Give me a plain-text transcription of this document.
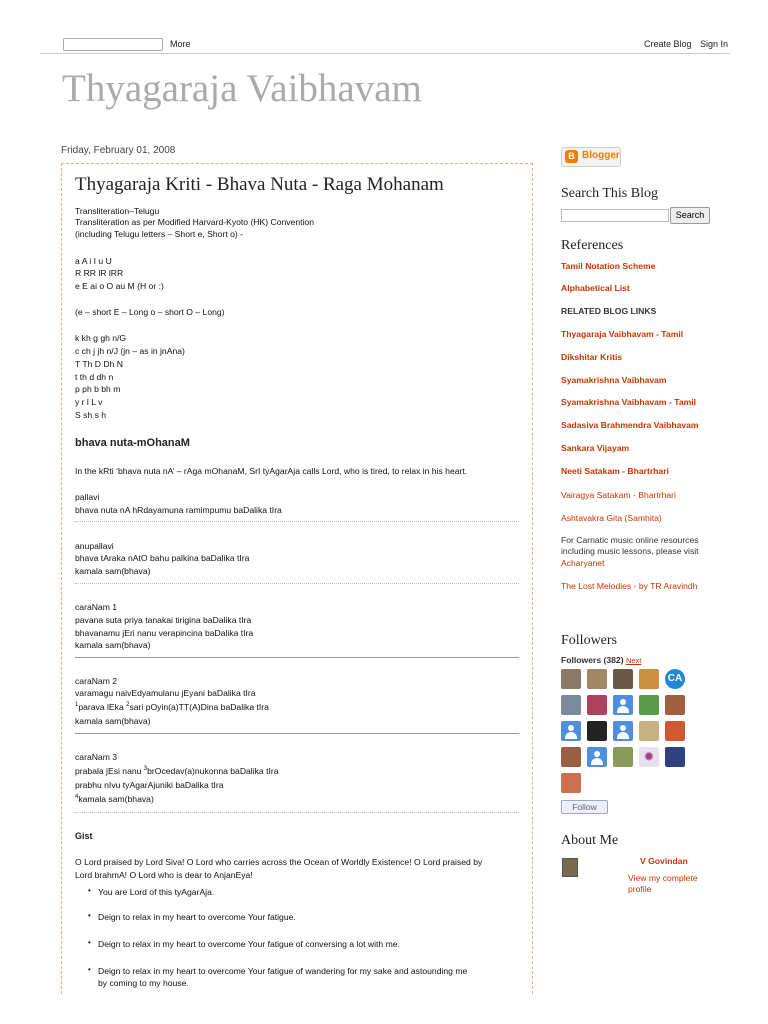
More	Create Blog Sign In
Thyagaraja Vaibhavam
Friday, February 01, 2008
Thyagaraja Kriti - Bhava Nuta - Raga Mohanam
Transliteration–Telugu
Transliteration as per Modified Harvard-Kyoto (HK) Convention
(including Telugu letters – Short e, Short o) -
a A i I u U
R RR lR lRR
e E ai o O au M (H or :)
(e – short E – Long o – short O – Long)
k kh g gh n/G
c ch j jh n/J (jn – as in jnAna)
T Th D Dh N
t th d dh n
p ph b bh m
y r l L v
S sh s h
bhava nuta-mOhanaM
In the kRti ‘bhava nuta nA’ – rAga mOhanaM, SrI tyAgarAja calls Lord, who is tired, to relax in his heart.
pallavi
bhava nuta nA hRdayamuna ramimpumu baDalika tIra
anupallavi
bhava tAraka nAtO bahu palkina baDalika tIra
kamala sam(bhava)
caraNam 1
pavana suta priya tanakai tirigina baDalika tIra
bhavanamu jEri nanu verapincina baDalika tIra
kamala sam(bhava)
caraNam 2
varamagu naivEdyamulanu jEyani baDalika tIra
$^1$parava lEka $^2$sari pOyin(a)TT(A)Dina baDalika tIra
kamala sam(bhava)
caraNam 3
prabala jEsi nanu $^3$brOcedav(a)nukonna baDalika tIra
prabhu nIvu tyAgarAjuniki baDalika tIra
$^4$kamala sam(bhava)
Gist
O Lord praised by Lord Siva! O Lord who carries across the Ocean of Worldly Existence! O Lord praised by
Lord brahmA! O Lord who is dear to AnjanEya!
• You are Lord of this tyAgarAja.
• Deign to relax in my heart to overcome Your fatigue.
• Deign to relax in my heart to overcome Your fatigue of conversing a lot with me.
• Deign to relax in my heart to overcome Your fatigue of wandering for my sake and astounding me
by coming to my house.
B Blogger
Search This Blog
Search
References
Tamil Notation Scheme
Alphabetical List
RELATED BLOG LINKS
Thyagaraja Vaibhavam - Tamil
Dikshitar Kritis
Syamakrishna Vaibhavam
Syamakrishna Vaibhavam - Tamil
Sadasiva Brahmendra Vaibhavam
Sankara Vijayam
Neeti Satakam - Bhartrhari
Vairagya Satakam - Bhartrhari
Ashtavakra Gita (Samhita)
For Carnatic music online resources
including music lessons, please visit
Acharyanet
The Lost Melodies - by TR Aravindh
Followers
Followers (382) Next
CA
✹
Follow
About Me
V Govindan
View my complete
profile
